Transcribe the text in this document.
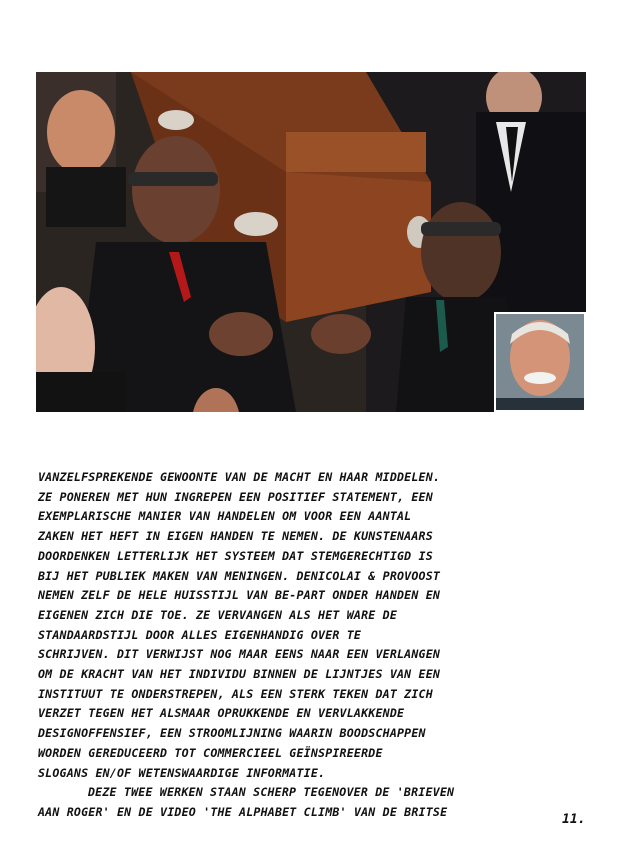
VANZELFSPREKENDE GEWOONTE VAN DE MACHT EN HAAR MIDDELEN.
ZE PONEREN MET HUN INGREPEN EEN POSITIEF STATEMENT, EEN
EXEMPLARISCHE MANIER VAN HANDELEN OM VOOR EEN AANTAL
ZAKEN HET HEFT IN EIGEN HANDEN TE NEMEN. DE KUNSTENAARS
DOORDENKEN LETTERLIJK HET SYSTEEM DAT STEMGERECHTIGD IS
BIJ HET PUBLIEK MAKEN VAN MENINGEN. DENICOLAI & PROVOOST
NEMEN ZELF DE HELE HUISSTIJL VAN BE-PART ONDER HANDEN EN
EIGENEN ZICH DIE TOE. ZE VERVANGEN ALS HET WARE DE
STANDAARDSTIJL DOOR ALLES EIGENHANDIG OVER TE
SCHRIJVEN. DIT VERWIJST NOG MAAR EENS NAAR EEN VERLANGEN
OM DE KRACHT VAN HET INDIVIDU BINNEN DE LIJNTJES VAN EEN
INSTITUUT TE ONDERSTREPEN, ALS EEN STERK TEKEN DAT ZICH
VERZET TEGEN HET ALSMAAR OPRUKKENDE EN VERVLAKKENDE
DESIGNOFFENSIEF, EEN STROOMLIJNING WAARIN BOODSCHAPPEN
WORDEN GEREDUCEERD TOT COMMERCIEEL GEÏNSPIREERDE
SLOGANS EN/OF WETENSWAARDIGE INFORMATIE.
DEZE TWEE WERKEN STAAN SCHERP TEGENOVER DE 'BRIEVEN
AAN ROGER' EN DE VIDEO 'THE ALPHABET CLIMB' VAN DE BRITSE
11.
